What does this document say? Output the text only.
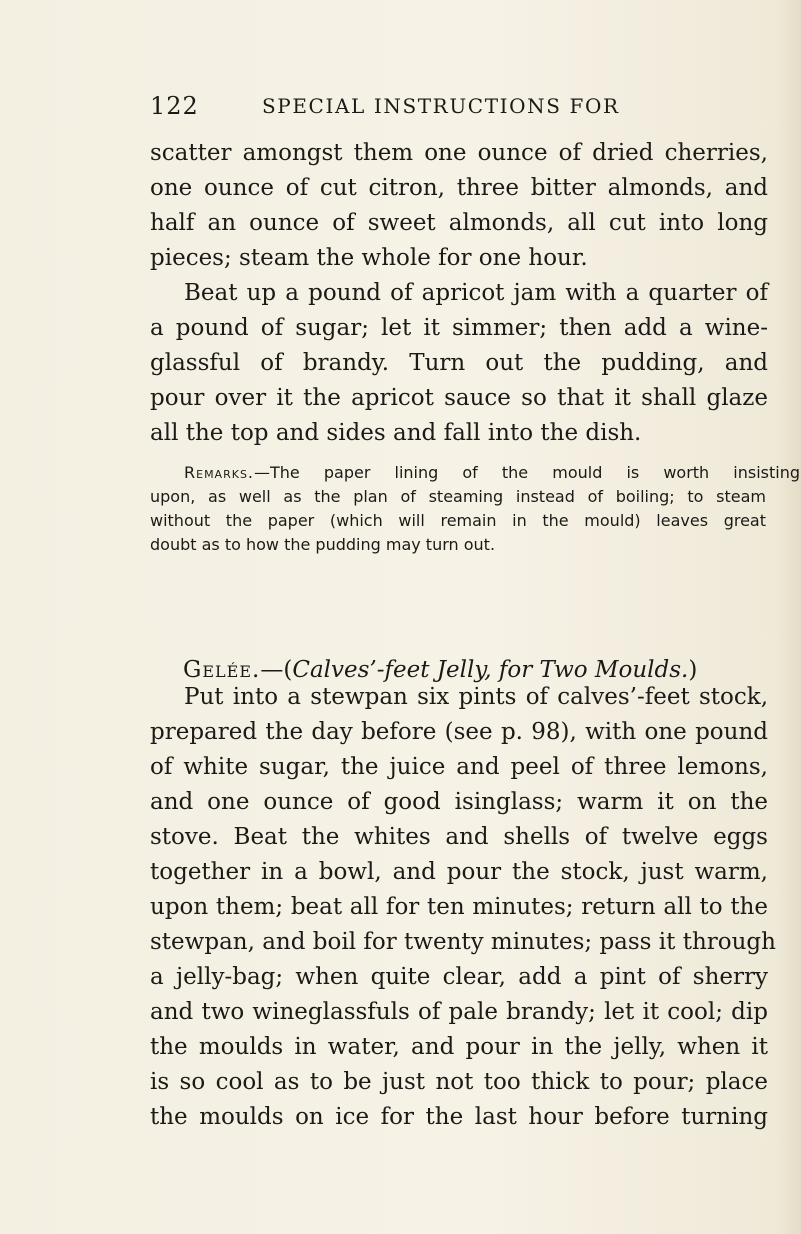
122	SPECIAL INSTRUCTIONS FOR
scatter amongst them one ounce of dried cherries,
one ounce of cut citron, three bitter almonds, and
half an ounce of sweet almonds, all cut into long
pieces; steam the whole for one hour.
Beat up a pound of apricot jam with a quarter of
a pound of sugar; let it simmer; then add a wine-
glassful of brandy. Turn out the pudding, and
pour over it the apricot sauce so that it shall glaze
all the top and sides and fall into the dish.
Remarks.—The paper lining of the mould is worth insisting
upon, as well as the plan of steaming instead of boiling; to steam
without the paper (which will remain in the mould) leaves great
doubt as to how the pudding may turn out.
Gelée.—(Calves’-feet Jelly, for Two Moulds.)
Put into a stewpan six pints of calves’-feet stock,
prepared the day before (see p. 98), with one pound
of white sugar, the juice and peel of three lemons,
and one ounce of good isinglass; warm it on the
stove. Beat the whites and shells of twelve eggs
together in a bowl, and pour the stock, just warm,
upon them; beat all for ten minutes; return all to the
stewpan, and boil for twenty minutes; pass it through
a jelly-bag; when quite clear, add a pint of sherry
and two wineglassfuls of pale brandy; let it cool; dip
the moulds in water, and pour in the jelly, when it
is so cool as to be just not too thick to pour; place
the moulds on ice for the last hour before turning
